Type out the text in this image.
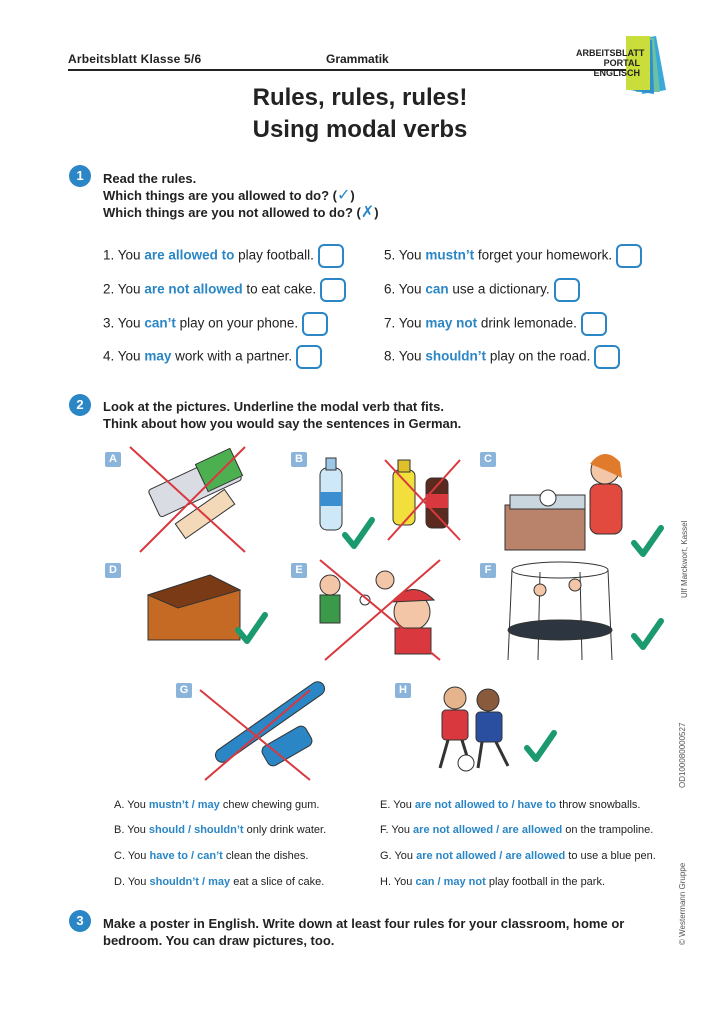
Arbeitsblatt Klasse 5/6	Grammatik	ARBEITSBLATT
PORTAL
ENGLISCH
Rules, rules, rules!
Using modal verbs
1	Read the rules.
Which things are you allowed to do? (✓)
Which things are you not allowed to do? (✗)
1. You are allowed to play football.
2. You are not allowed to eat cake.
3. You can’t play on your phone.
4. You may work with a partner.
5. You mustn’t forget your homework.
6. You can use a dictionary.
7. You may not drink lemonade.
8. You shouldn’t play on the road.
2	Look at the pictures. Underline the modal verb that fits.
Think about how you would say the sentences in German.
A	B	C
D	E	F
G	H
A. You mustn’t / may chew chewing gum.
B. You should / shouldn’t only drink water.
C. You have to / can’t clean the dishes.
D. You shouldn’t / may eat a slice of cake.
E. You are not allowed to / have to throw snowballs.
F. You are not allowed / are allowed on the trampoline.
G. You are not allowed / are allowed to use a blue pen.
H. You can / may not play football in the park.
3	Make a poster in English. Write down at least four rules for your classroom, home or
bedroom. You can draw pictures, too.
Ulf Marckwort, Kassel
OD100080000527
© Westermann Gruppe
